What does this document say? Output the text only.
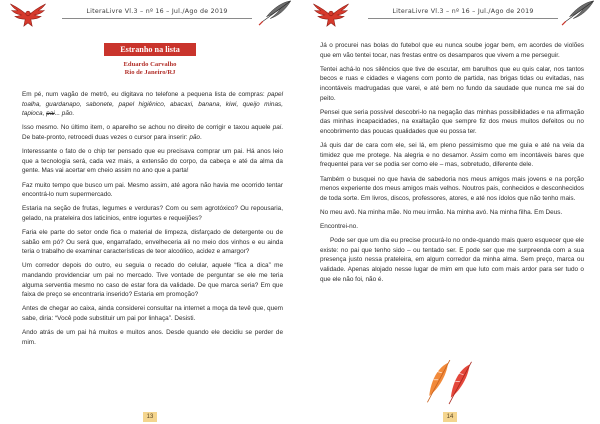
LiteraLivre Vl.3 – nº 16 – Jul./Ago de 2019
Estranho na lista
Eduardo Carvalho
Rio de Janeiro/RJ

Em pé, num vagão de metrô, eu digitava no telefone a pequena lista de compras: papel toalha, guardanapo, sabonete, papel higiênico, abacaxi, banana, kiwi, queijo minas, tapioca, pai... pão.

Isso mesmo. No último item, o aparelho se achou no direito de corrigir e taxou aquele pai. De bate-pronto, retrocedi duas vezes o cursor para inserir: pão.

Interessante o fato de o chip ter pensado que eu precisava comprar um pai. Há anos leio que a tecnologia será, cada vez mais, a extensão do corpo, da cabeça e até da alma da gente. Mas vai acertar em cheio assim no ano que a parta!

Faz muito tempo que busco um pai. Mesmo assim, até agora não havia me ocorrido tentar encontrá-lo num supermercado.

Estaria na seção de frutas, legumes e verduras? Com ou sem agrotóxico? Ou repousaria, gelado, na prateleira dos laticínios, entre iogurtes e requeijões?

Faria ele parte do setor onde fica o material de limpeza, disfarçado de detergente ou de sabão em pó? Ou será que, engarrafado, envelheceria ali no meio dos vinhos e eu ainda teria o trabalho de examinar características de teor alcoólico, acidez e amargor?

Um corredor depois do outro, eu seguia o recado do celular, aquele “fica a dica” me mandando providenciar um pai no mercado. Tive vontade de perguntar se ele me teria alguma serventia mesmo no caso de estar fora da validade. De que marca seria? Em que faixa de preço se encontraria inserido? Estaria em promoção?

Antes de chegar ao caixa, ainda considerei consultar na internet a moça da tevê que, quem sabe, diria: “Você pode substituir um pai por linhaça”. Desisti.

Ando atrás de um pai há muitos e muitos anos. Desde quando ele decidiu se perder de mim.

13
LiteraLivre Vl.3 – nº 16 – Jul./Ago de 2019

Já o procurei nas bolas do futebol que eu nunca soube jogar bem, em acordes de violões que em vão tentei tocar, nas frestas entre os desamparos que vivem a me perseguir.

Tentei achá-lo nos silêncios que tive de escutar, em barulhos que eu quis calar, nos tantos becos e ruas e cidades e viagens com ponto de partida, nas brigas tidas ou evitadas, nas incontáveis madrugadas que varei, e até bem no fundo da saudade que nunca me sai do peito.

Pensei que seria possível descobri-lo na negação das minhas possibilidades e na afirmação das minhas incapacidades, na exaltação que sempre fiz dos meus muitos defeitos ou no encobrimento das poucas qualidades que eu possa ter.

Já quis dar de cara com ele, sei lá, em pleno pessimismo que me guia e até na veia da timidez que me protege. Na alegria e no desamor. Assim como em incontáveis bares que frequentei para ver se podia ser como ele – mas, sobretudo, diferente dele.

Também o busquei no que havia de sabedoria nos meus amigos mais jovens e na porção menos experiente dos meus amigos mais velhos. Noutros pais, conhecidos e desconhecidos de toda sorte. Em livros, discos, professores, atores, e até nos ídolos que não tenho mais.

No meu avô. Na minha mãe. No meu irmão. Na minha avó. Na minha filha. Em Deus.

Encontrei-no.

Pode ser que um dia eu precise procurá-lo no onde-quando mais quero esquecer que ele existe: no pai que tenho sido – ou tentado ser. E pode ser que me surpreenda com a sua presença justo nessa prateleira, em algum corredor da minha alma. Sem preço, marca ou validade. Apenas alojado nesse lugar de mim em que luto com mais ardor para ser tudo o que ele não foi, não é.

14
